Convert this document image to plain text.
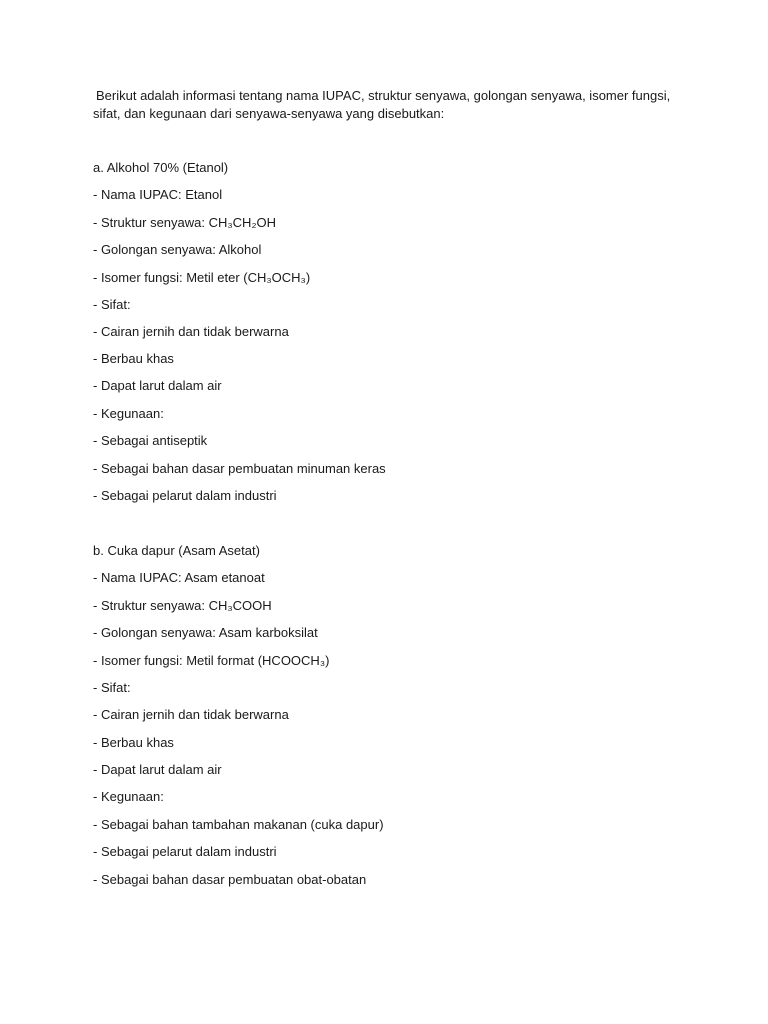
Berikut adalah informasi tentang nama IUPAC, struktur senyawa, golongan senyawa, isomer fungsi, sifat, dan kegunaan dari senyawa-senyawa yang disebutkan:

a. Alkohol 70% (Etanol)

- Nama IUPAC: Etanol

- Struktur senyawa: CH₃CH₂OH

- Golongan senyawa: Alkohol

- Isomer fungsi: Metil eter (CH₃OCH₃)

- Sifat:

- Cairan jernih dan tidak berwarna

- Berbau khas

- Dapat larut dalam air

- Kegunaan:

- Sebagai antiseptik

- Sebagai bahan dasar pembuatan minuman keras

- Sebagai pelarut dalam industri

b. Cuka dapur (Asam Asetat)

- Nama IUPAC: Asam etanoat

- Struktur senyawa: CH₃COOH

- Golongan senyawa: Asam karboksilat

- Isomer fungsi: Metil format (HCOOCH₃)

- Sifat:

- Cairan jernih dan tidak berwarna

- Berbau khas

- Dapat larut dalam air

- Kegunaan:

- Sebagai bahan tambahan makanan (cuka dapur)

- Sebagai pelarut dalam industri

- Sebagai bahan dasar pembuatan obat-obatan
